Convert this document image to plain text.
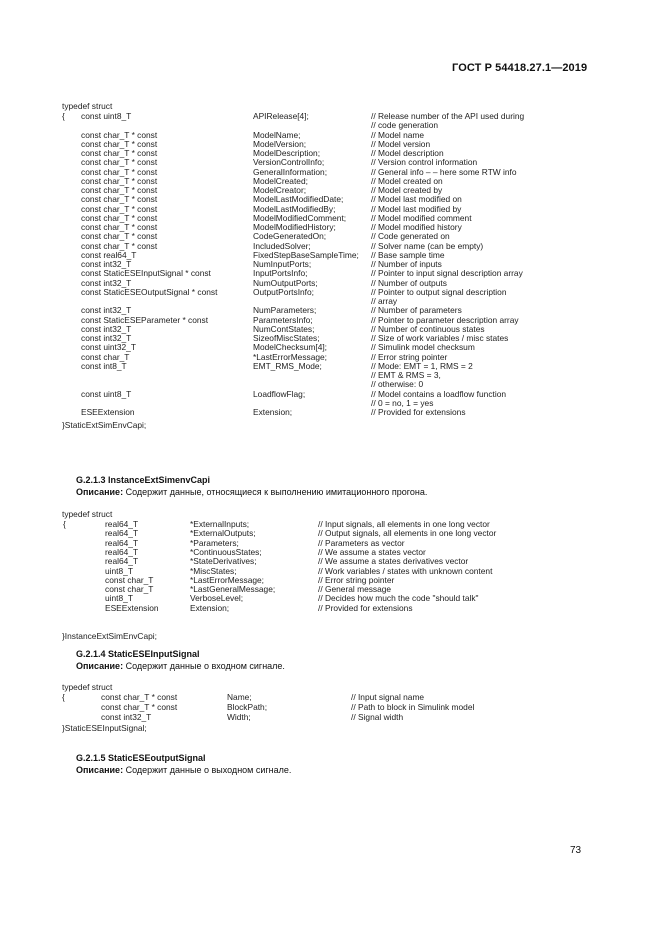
ГОСТ Р 54418.27.1—2019
typedef struct
{ const uint8_T	APIRelease[4];	// Release number of the API used during
// code generation
const char_T * const	ModelName;	// Model name
const char_T * const	ModelVersion;	// Model version
const char_T * const	ModelDescription;	// Model description
const char_T * const	VersionControlInfo;	// Version control information
const char_T * const	GeneralInformation;	// General info – – here some RTW info
const char_T * const	ModelCreated;	// Model created on
const char_T * const	ModelCreator;	// Model created by
const char_T * const	ModelLastModifiedDate;	// Model last modified on
const char_T * const	ModelLastModifiedBy;	// Model last modified by
const char_T * const	ModelModifiedComment;	// Model modified comment
const char_T * const	ModelModifiedHistory;	// Model modified history
const char_T * const	CodeGeneratedOn;	// Code generated on
const char_T * const	IncludedSolver;	// Solver name (can be empty)
const real64_T	FixedStepBaseSampleTime; // Base sample time
const int32_T	NumInputPorts;	// Number of inputs
const StaticESEInputSignal * const	InputPortsInfo;	// Pointer to input signal description array
const int32_T	NumOutputPorts;	// Number of outputs
const StaticESEOutputSignal * const	OutputPortsInfo;	// Pointer to output signal description
// array
const int32_T	NumParameters;	// Number of parameters
const StaticESEParameter * const	ParametersInfo;	// Pointer to parameter description array
const int32_T	NumContStates;	// Number of continuous states
const int32_T	SizeofMiscStates;	// Size of work variables / misc states
const uint32_T	ModelChecksum[4];	// Simulink model checksum
const char_T	*LastErrorMessage;	// Error string pointer
const int8_T	EMT_RMS_Mode;	// Mode: EMT = 1, RMS = 2
// EMT & RMS = 3,
// otherwise: 0
const uint8_T	LoadflowFlag;	// Model contains a loadflow function
// 0 = no, 1 = yes
ESEExtension	Extension;	// Provided for extensions
}StaticExtSimEnvCapi;
G.2.1.3 InstanceExtSimenvCapi
Описание: Содержит данные, относящиеся к выполнению имитационного прогона.
typedef struct
{	real64_T	*ExternalInputs;	// Input signals, all elements in one long vector
real64_T	*ExternalOutputs;	// Output signals, all elements in one long vector
real64_T	*Parameters;	// Parameters as vector
real64_T	*ContinuousStates;	// We assume a states vector
real64_T	*StateDerivatives;	// We assume a states derivatives vector
uint8_T	*MiscStates;	// Work variables / states with unknown content
const char_T	*LastErrorMessage;	// Error string pointer
const char_T	*LastGeneralMessage;	// General message
uint8_T	VerboseLevel;	// Decides how much the code "should talk"
ESEExtension	Extension;	// Provided for extensions
}InstanceExtSimEnvCapi;
G.2.1.4 StaticESEInputSignal
Описание: Содержит данные о входном сигнале.
typedef struct
{	const char_T * const	Name;	// Input signal name
const char_T * const	BlockPath;	// Path to block in Simulink model
const int32_T	Width;	// Signal width
}StaticESEInputSignal;
G.2.1.5 StaticESEoutputSignal
Описание: Содержит данные о выходном сигнале.
73
